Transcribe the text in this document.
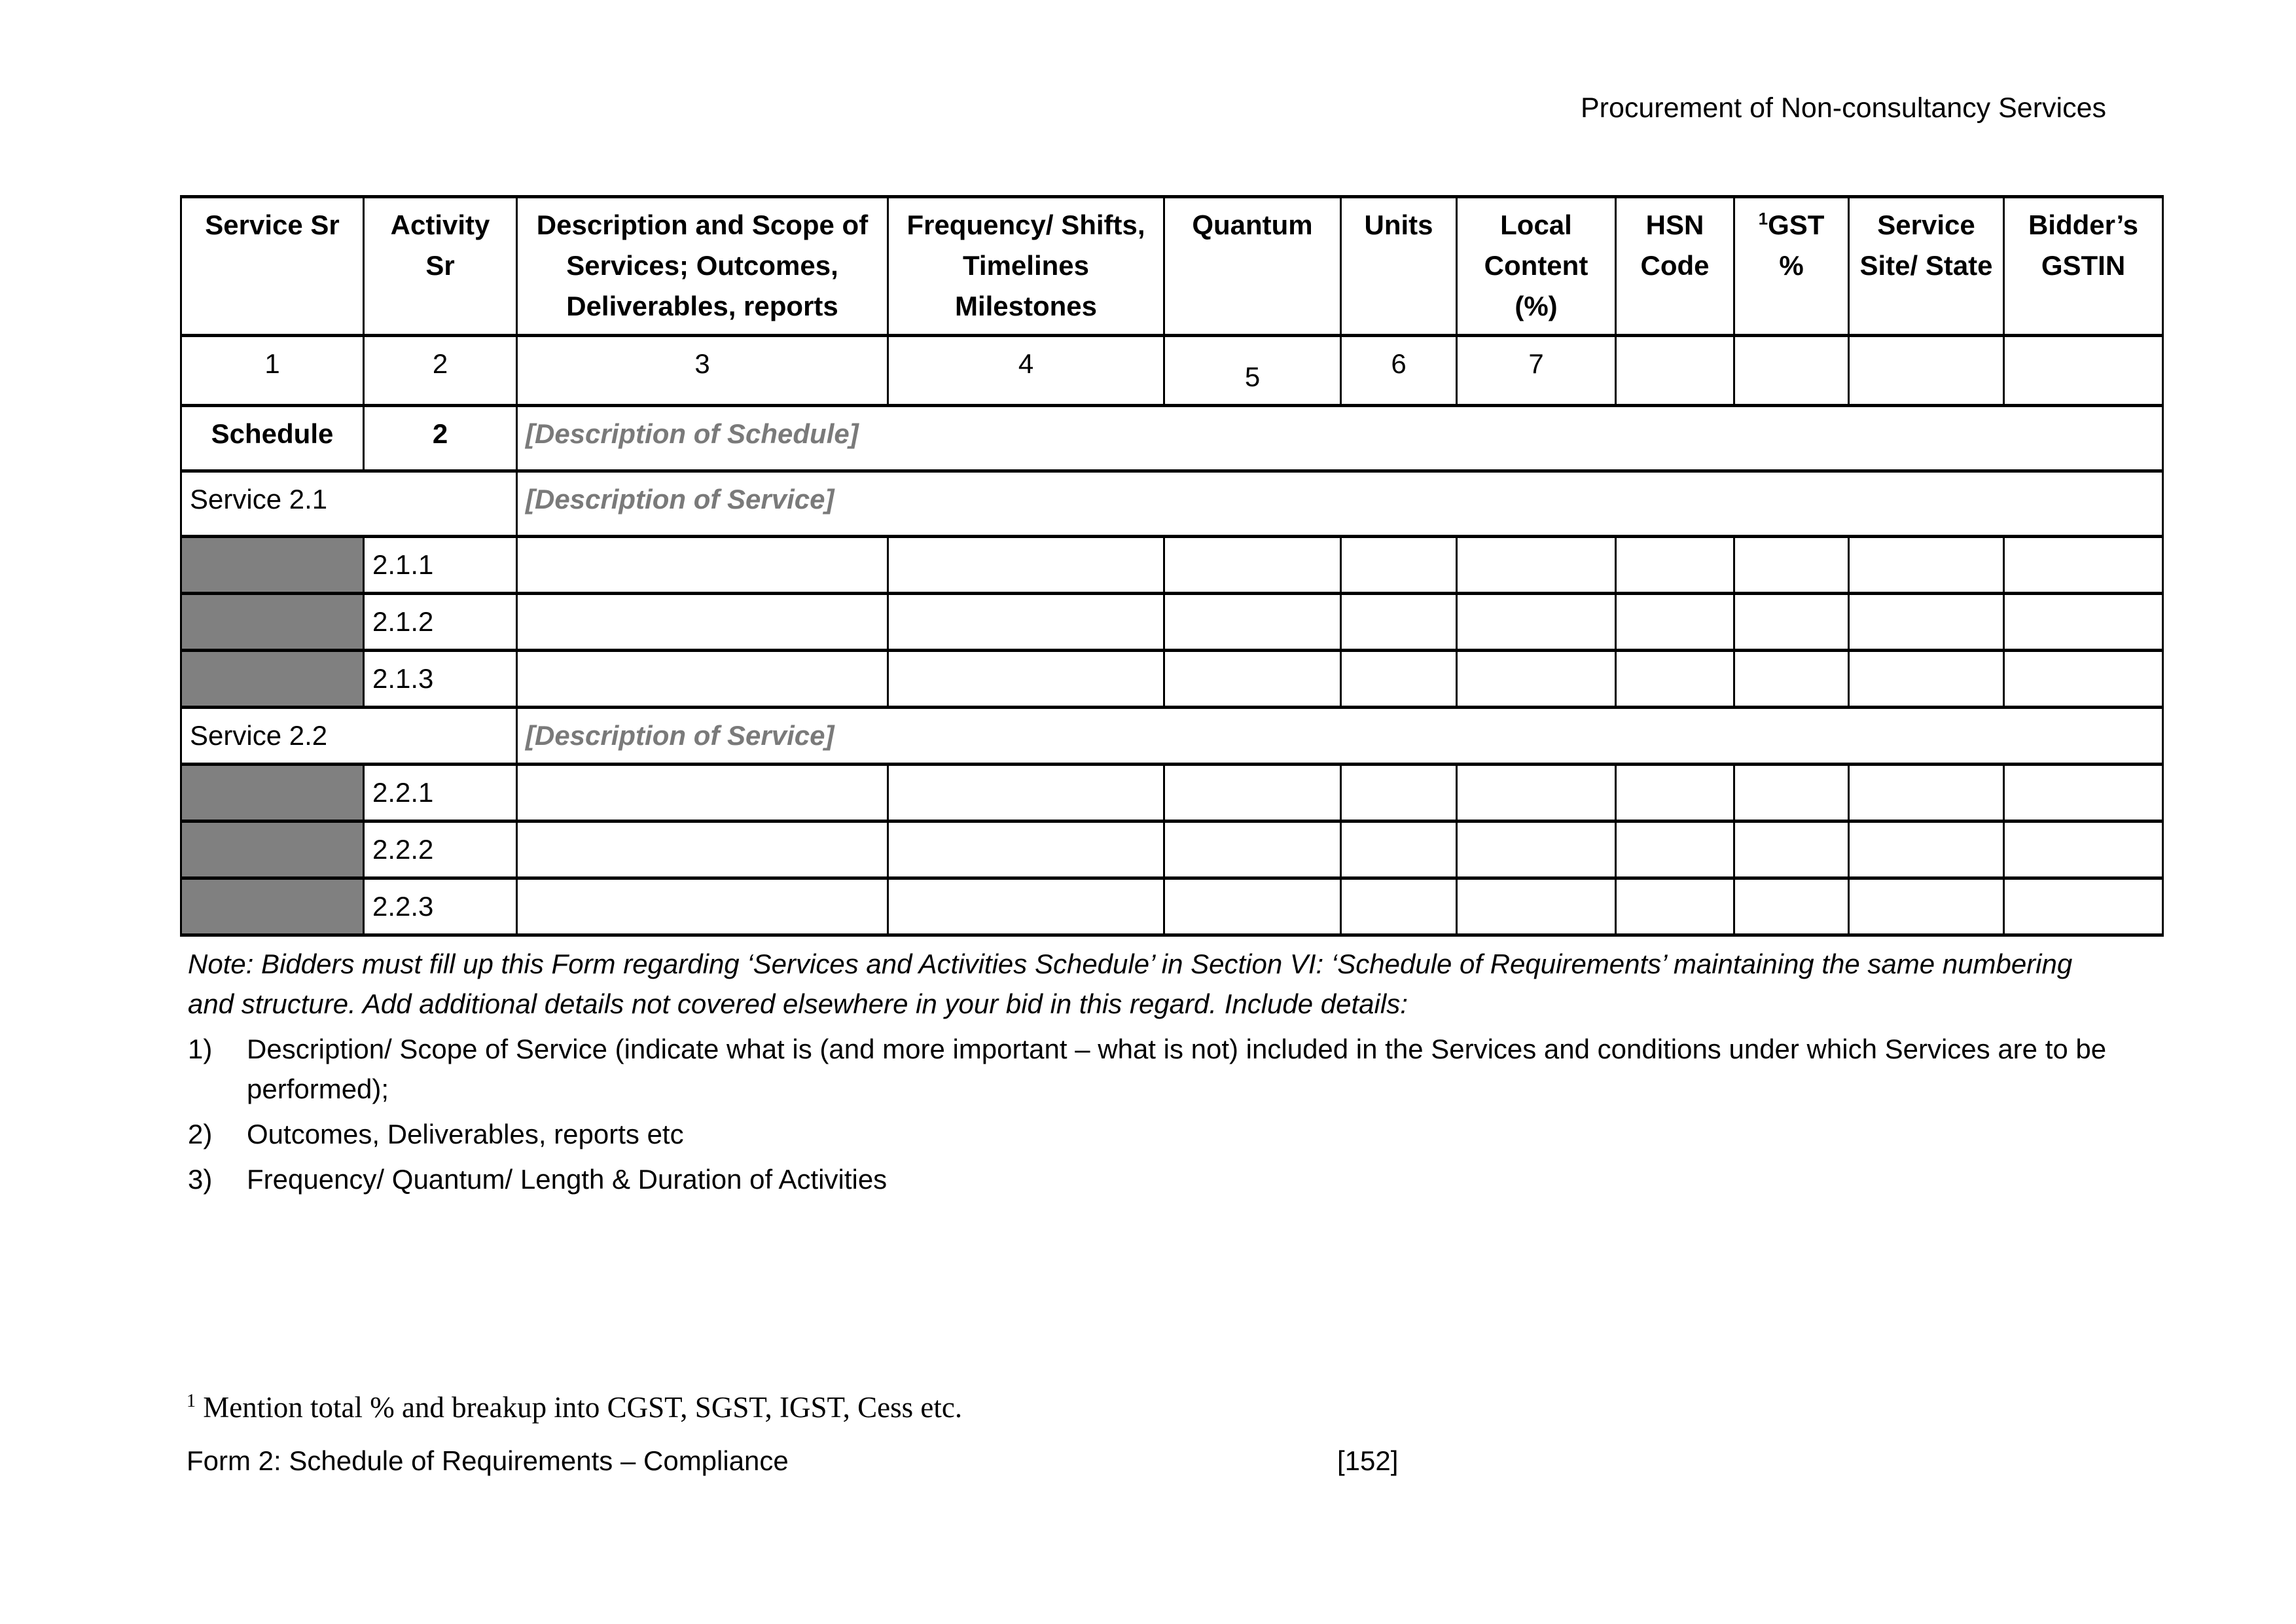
Procurement of Non-consultancy Services
Service Sr	Activity Sr	Description and Scope of Services; Outcomes, Deliverables, reports	Frequency/ Shifts, Timelines Milestones	Quantum	Units	Local Content (%)	HSN Code	$^1$GST %	Service Site/ State	Bidder’s GSTIN
1	2	3	4	5	6	7				
Schedule	2	[Description of Schedule]								
Service 2.1		[Description of Service]								
	2.1.1									
	2.1.2									
	2.1.3									
Service 2.2		[Description of Service]								
	2.2.1									
	2.2.2									
	2.2.3									

Note: Bidders must fill up this Form regarding ‘Services and Activities Schedule’ in Section VI: ‘Schedule of Requirements’ maintaining the same numbering and structure. Add additional details not covered elsewhere in your bid in this regard. Include details:

1)	Description/ Scope of Service (indicate what is (and more important – what is not) included in the Services and conditions under which Services are to be performed);
2)	Outcomes, Deliverables, reports etc
3)	Frequency/ Quantum/ Length & Duration of Activities
$^1$ Mention total % and breakup into CGST, SGST, IGST, Cess etc.
Form 2: Schedule of Requirements – Compliance	[152]
